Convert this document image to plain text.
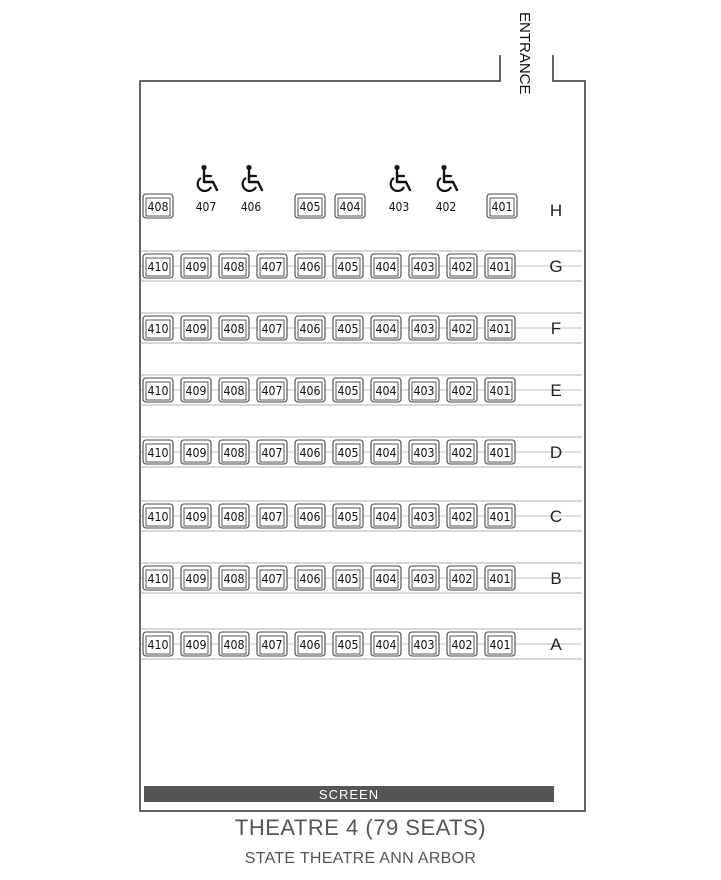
ENTRANCE
410 409 408 407 406 405 404 403 402 401 G
410 409 408 407 406 405 404 403 402 401 F
410 409 408 407 406 405 404 403 402 401 E
410 409 408 407 406 405 404 403 402 401 D
410 409 408 407 406 405 404 403 402 401 C
410 409 408 407 406 405 404 403 402 401 B
410 409 408 407 406 405 404 403 402 401 A
408 407 406	405 404 403 402	401 H
SCREEN
THEATRE 4 (79 SEATS)
STATE THEATRE ANN ARBOR
